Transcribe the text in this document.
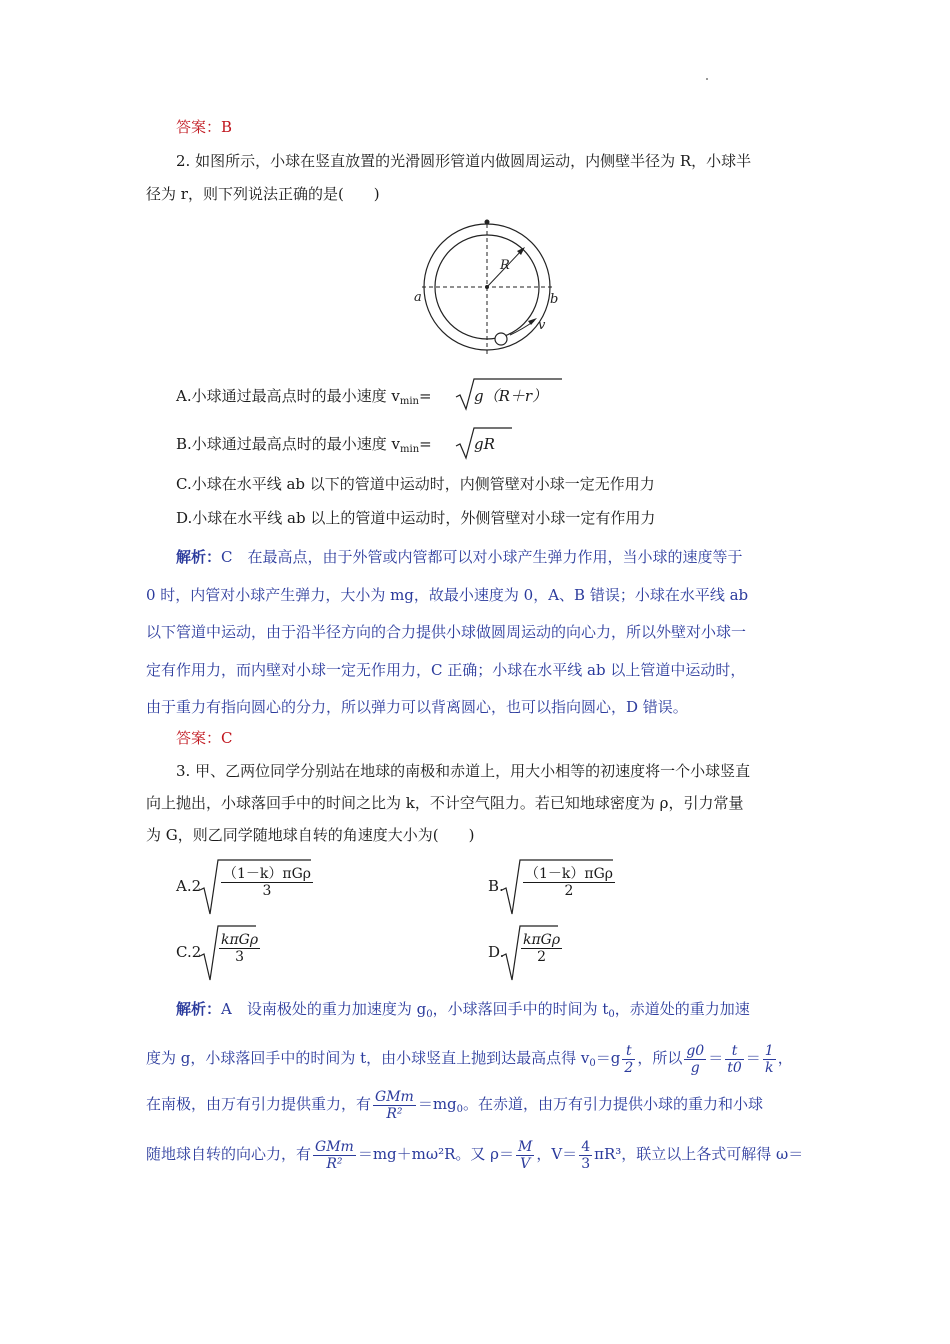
答案：B
2. 如图所示，小球在竖直放置的光滑圆形管道内做圆周运动，内侧壁半径为 R，小球半
径为 r，则下列说法正确的是(　　)
R
a	b
v
A.小球通过最高点时的最小速度 $v_{min}=$	g（R＋r）
B.小球通过最高点时的最小速度 $v_{min}=$	gR
C.小球在水平线 ab 以下的管道中运动时，内侧管壁对小球一定无作用力
D.小球在水平线 ab 以上的管道中运动时，外侧管壁对小球一定有作用力
解析：C　在最高点，由于外管或内管都可以对小球产生弹力作用，当小球的速度等于
0 时，内管对小球产生弹力，大小为 mg，故最小速度为 0，A、B 错误；小球在水平线 ab
以下管道中运动，由于沿半径方向的合力提供小球做圆周运动的向心力，所以外壁对小球一
定有作用力，而内壁对小球一定无作用力，C 正确；小球在水平线 ab 以上管道中运动时，
由于重力有指向圆心的分力，所以弹力可以背离圆心，也可以指向圆心，D 错误。
答案：C
3. 甲、乙两位同学分别站在地球的南极和赤道上，用大小相等的初速度将一个小球竖直
向上抛出，小球落回手中的时间之比为 k，不计空气阻力。若已知地球密度为 ρ，引力常量
为 G，则乙同学随地球自转的角速度大小为(　　)
A.2
（1－k）πGρ
3	B.
（1－k）πGρ
2
C.2
kπGρ
3	D.
kπGρ
2
解析：A　设南极处的重力加速度为 $g_0$，小球落回手中的时间为 $t_0$，赤道处的重力加速
度为 g，小球落回手中的时间为 t，由小球竖直上抛到达最高点得 $v_0=g \frac{t}{2}$ ，所以 $\frac{g0}{g} = \frac{t}{t0} = \frac{1}{k}$ ，
在南极，由万有引力提供重力，有 $\frac{\text{GMm}}{\text{R²}} =mg_0$。在赤道，由万有引力提供小球的重力和小球
随地球自转的向心力，有 $\frac{\text{GMm}}{\text{R²}} =mg+m\omega^2R$。又 $\rho= \frac{M}{V}$ ，$V= \frac{4}{3} \pi R^3$，联立以上各式可解得 ω＝
